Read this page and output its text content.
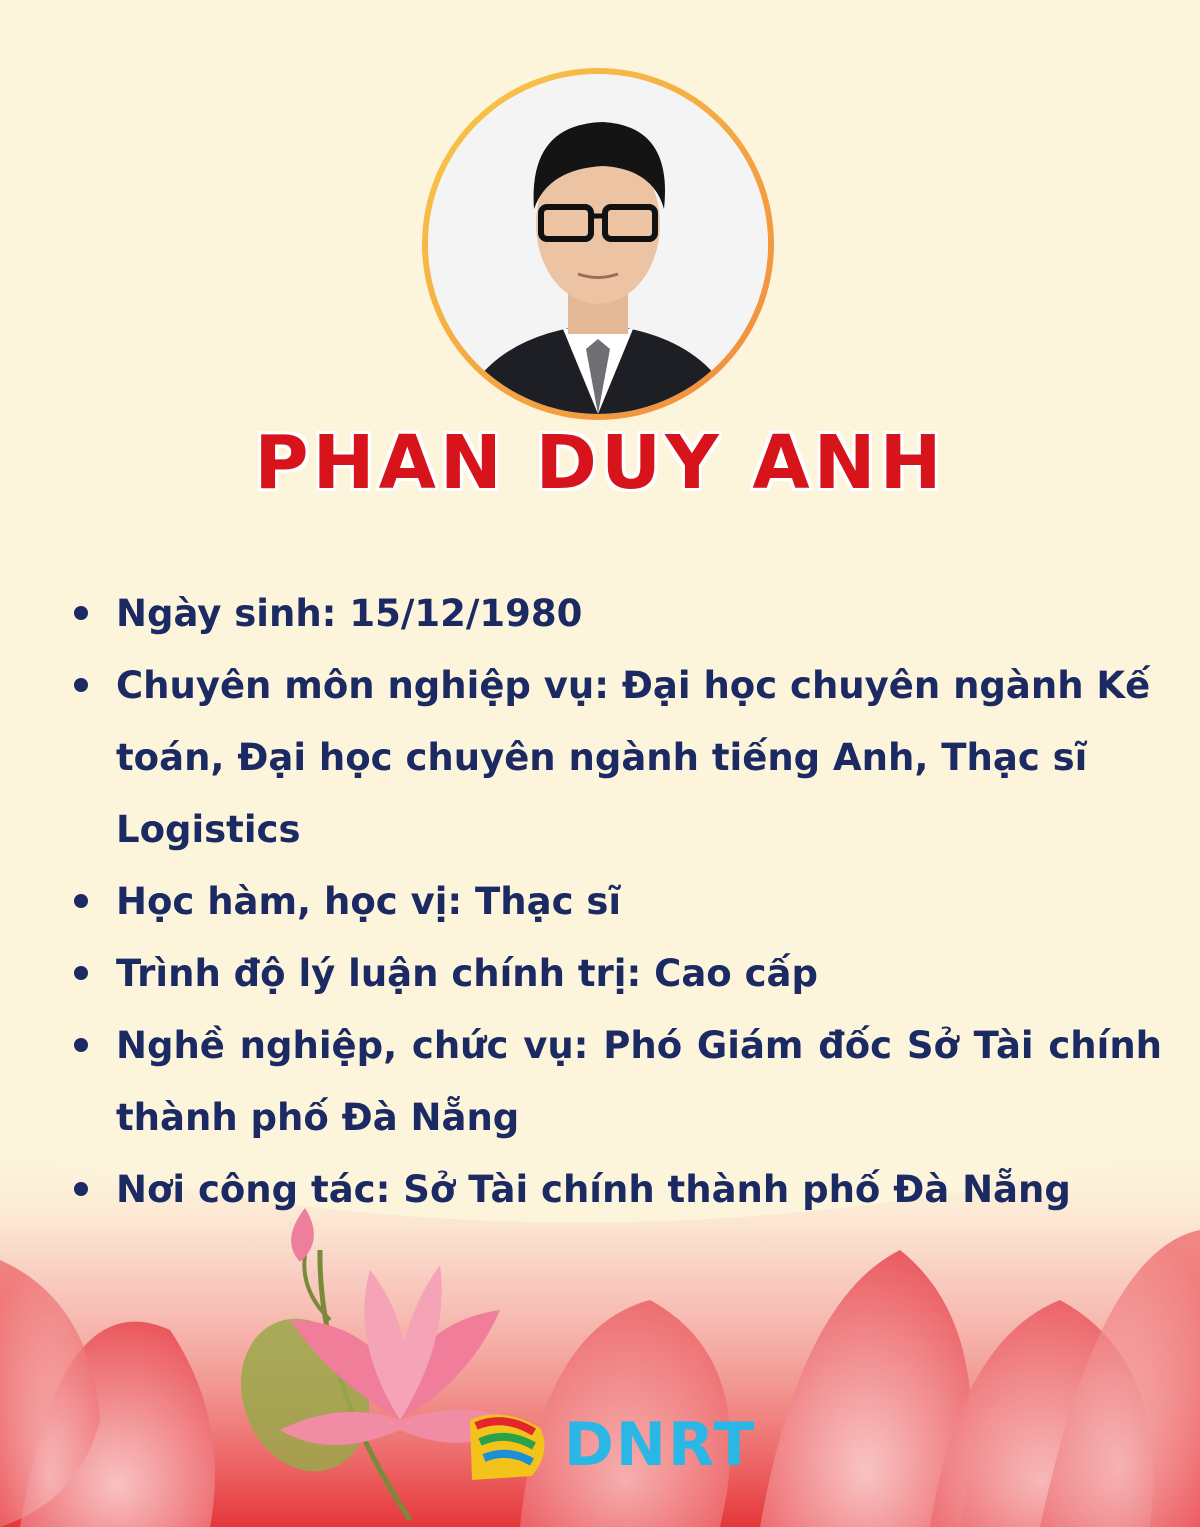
PHAN DUY ANH
Ngày sinh: 15/12/1980
Chuyên môn nghiệp vụ: Đại học chuyên ngành Kế toán, Đại học chuyên ngành tiếng Anh, Thạc sĩ Logistics
Học hàm, học vị: Thạc sĩ
Trình độ lý luận chính trị: Cao cấp
Nghề nghiệp, chức vụ: Phó Giám đốc Sở Tài chính thành phố Đà Nẵng
Nơi công tác: Sở Tài chính thành phố Đà Nẵng
DNRT
